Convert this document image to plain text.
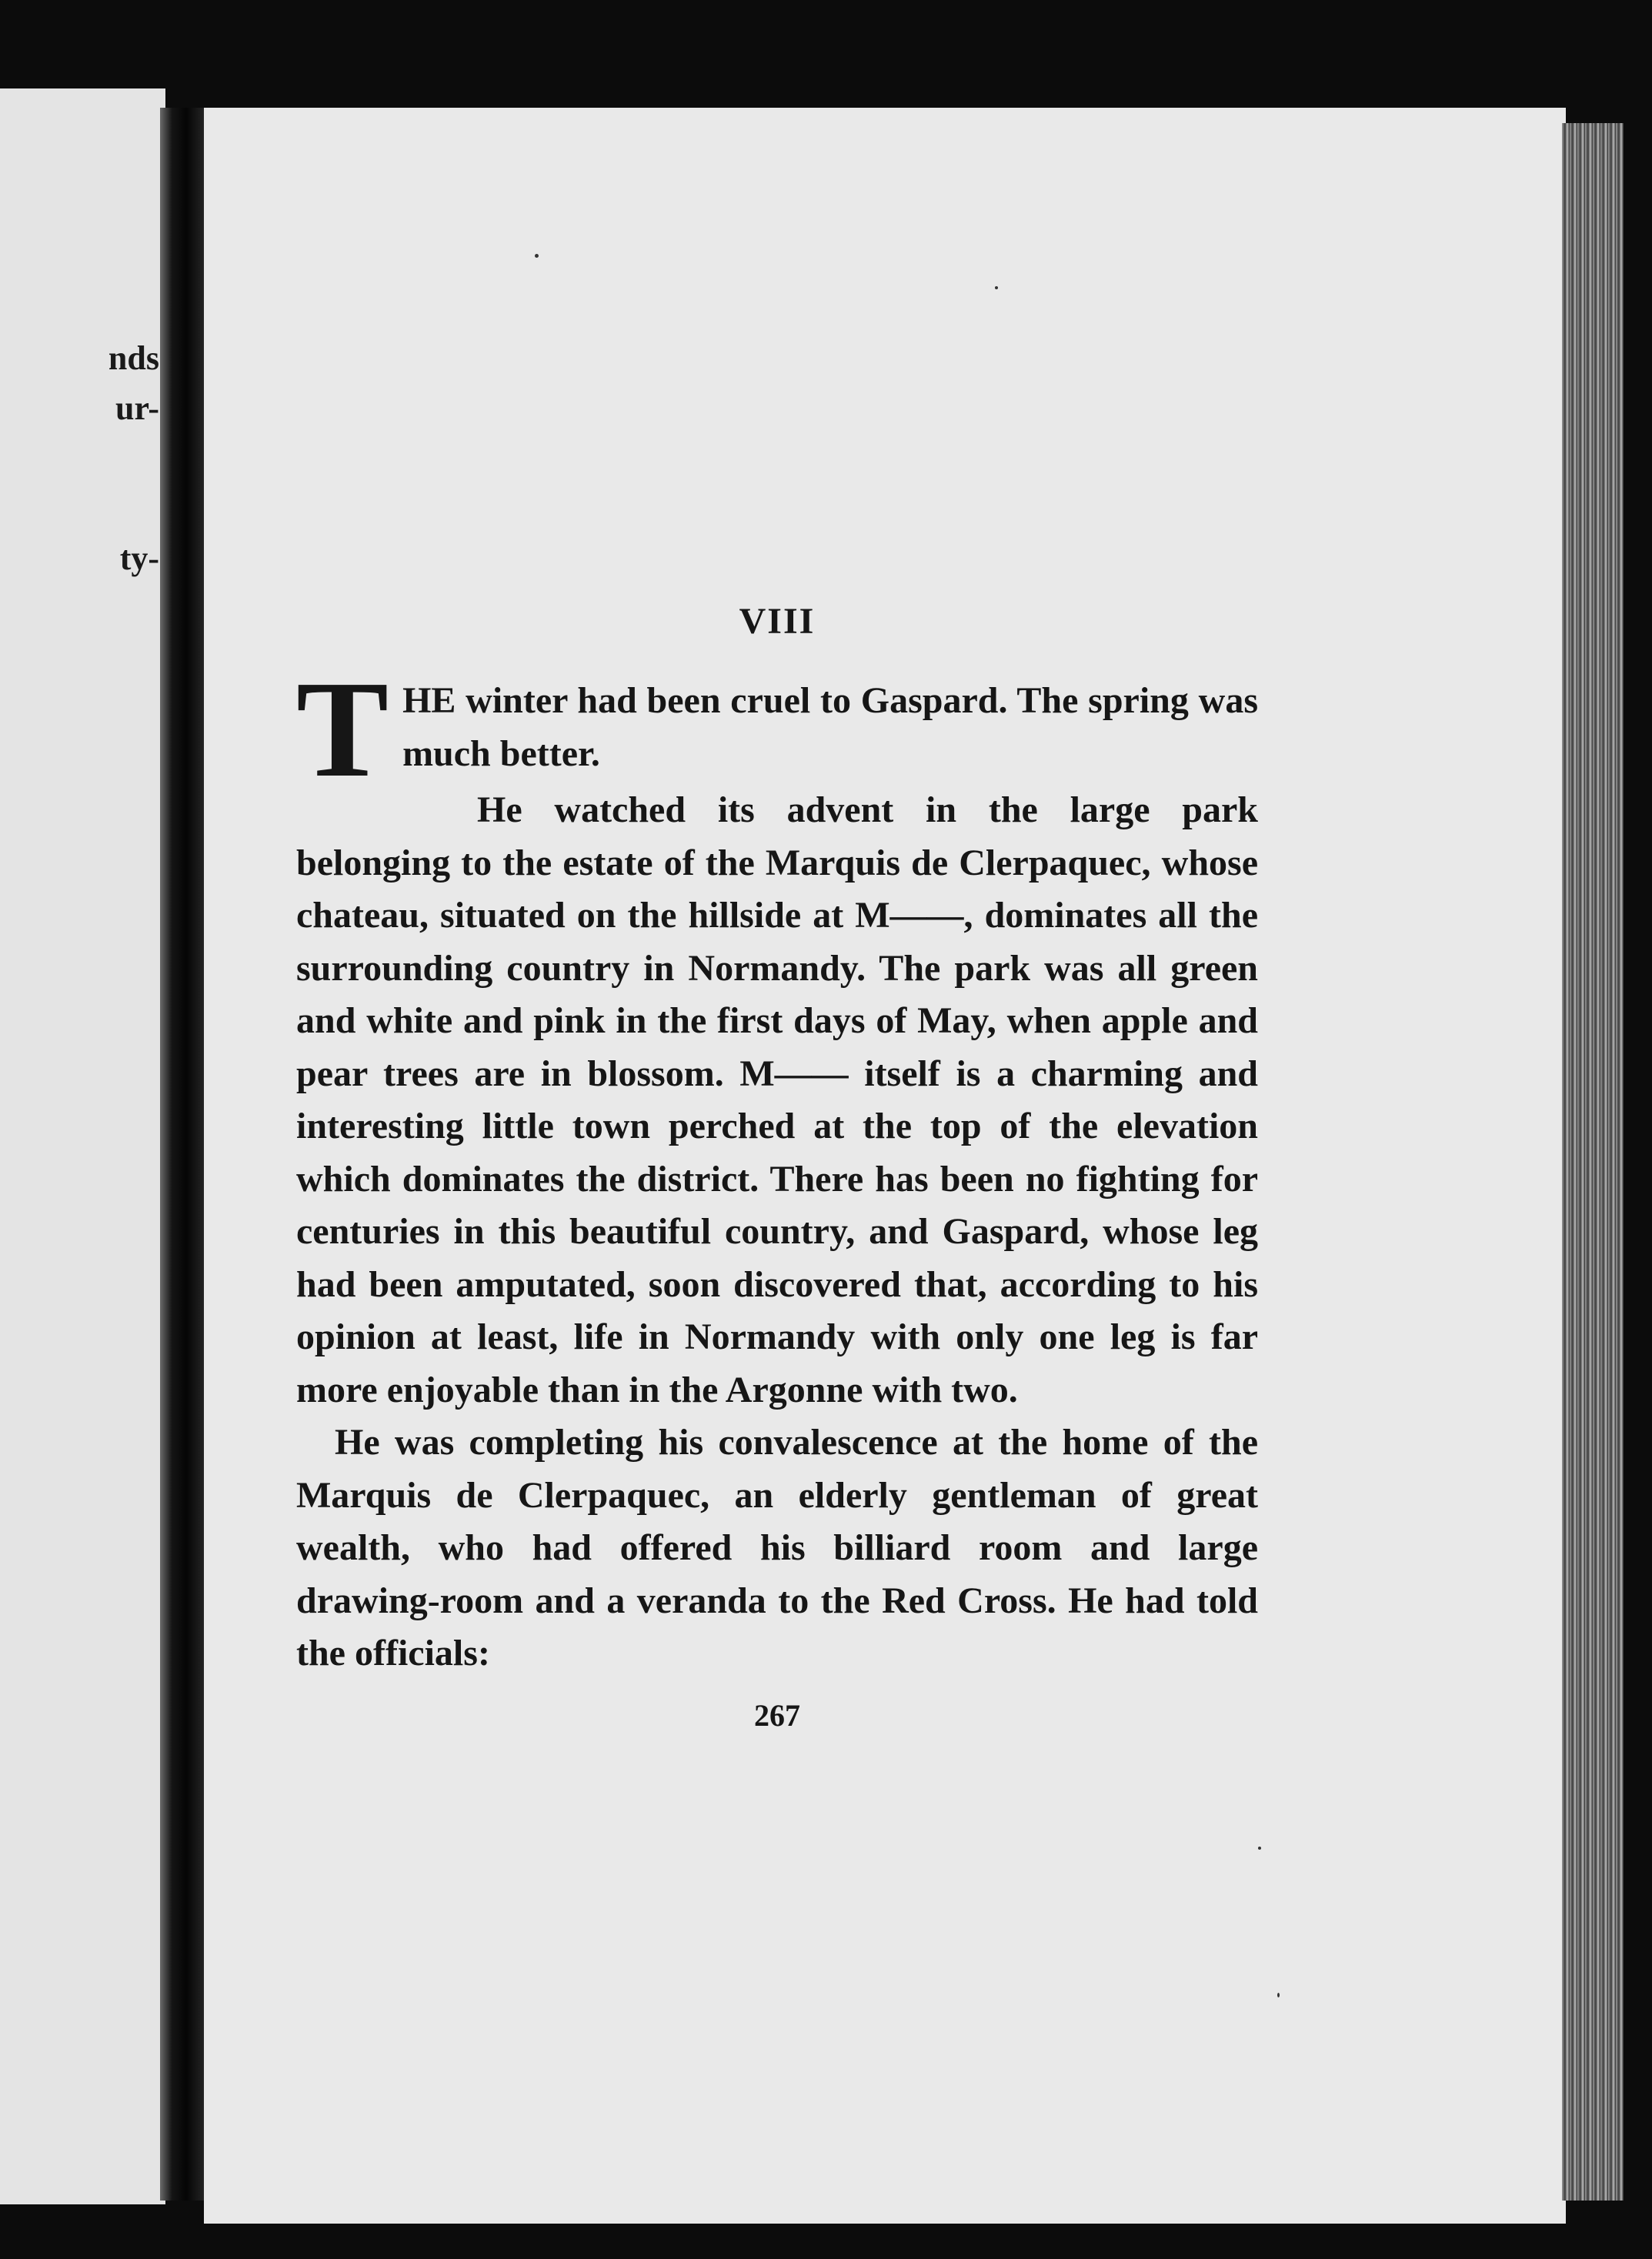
nds
ur-
ty-
VIII

T HE winter had been cruel to Gaspard. The spring was much better.

He watched its advent in the large park belonging to the estate of the Marquis de Clerpaquec, whose chateau, situated on the hillside at M——, dominates all the surrounding country in Normandy. The park was all green and white and pink in the first days of May, when apple and pear trees are in blossom. M—— itself is a charming and interesting little town perched at the top of the elevation which dominates the district. There has been no fighting for centuries in this beautiful country, and Gaspard, whose leg had been amputated, soon discovered that, according to his opinion at least, life in Normandy with only one leg is far more enjoyable than in the Argonne with two.

He was completing his convalescence at the home of the Marquis de Clerpaquec, an elderly gentleman of great wealth, who had offered his billiard room and large drawing-room and a veranda to the Red Cross. He had told the officials:

267
